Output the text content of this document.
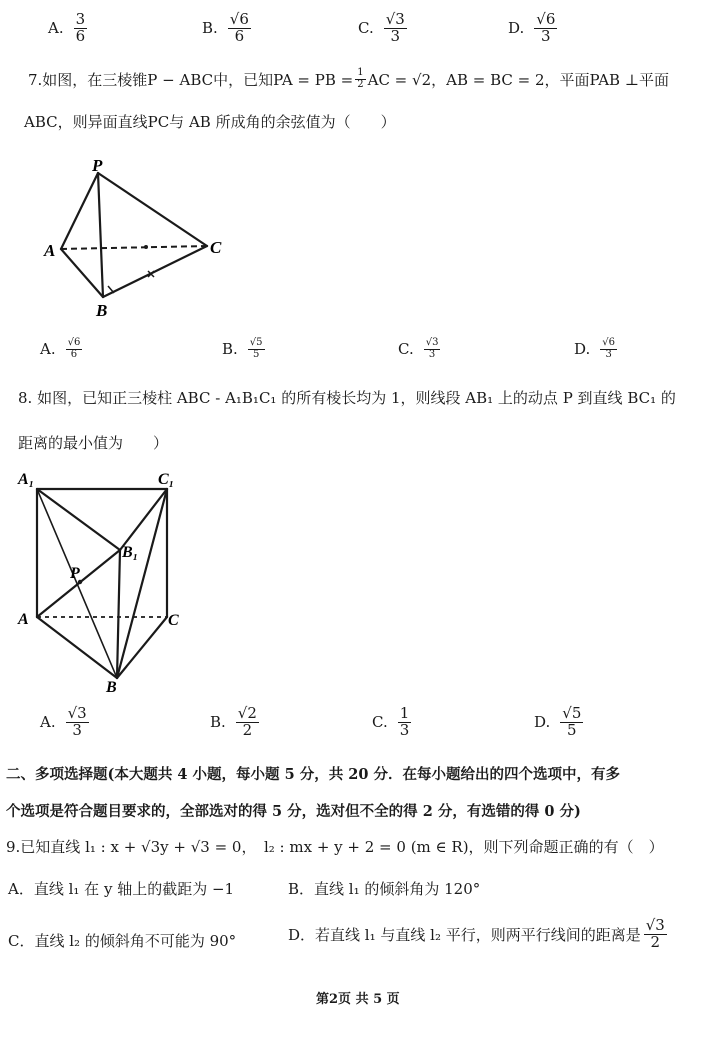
A. $\frac{3}{6}$	B. $\frac{√6}{6}$	C. $\frac{√3}{3}$	D. $\frac{√6}{3}$
7.如图，在三棱锥P − ABC中，已知PA = PB = $\frac{1}{2}$ AC = √2，AB = BC = 2，平面PAB ⊥平面
ABC，则异面直线PC与 AB 所成角的余弦值为（　　）
P
A
B
C
A. $\frac{√6}{6}$	B. $\frac{√5}{5}$	C. $\frac{√3}{3}$	D. $\frac{√6}{3}$
8. 如图，已知正三棱柱 ABC - A₁B₁C₁ 的所有棱长均为 1，则线段 AB₁ 上的动点 P 到直线 BC₁ 的
距离的最小值为　　）
A₁	C₁
B₁
P
A	C
B
A. $\frac{√3}{3}$	B. $\frac{√2}{2}$	C. $\frac{1}{3}$	D. $\frac{√5}{5}$
二、多项选择题(本大题共 4 小题，每小题 5 分，共 20 分．在每小题给出的四个选项中，有多
个选项是符合题目要求的，全部选对的得 5 分，选对但不全的得 2 分，有选错的得 0 分)
9.已知直线 l₁ : x + √3y + √3 = 0，　l₂ : mx + y + 2 = 0 (m ∈ R)，则下列命题正确的有（　）
A．直线 l₁ 在 y 轴上的截距为 −1	B．直线 l₁ 的倾斜角为 120°
C．直线 l₂ 的倾斜角不可能为 90°	D．若直线 l₁ 与直线 l₂ 平行，则两平行线间的距离是 $\frac{√3}{2}$
第2页 共 5 页
